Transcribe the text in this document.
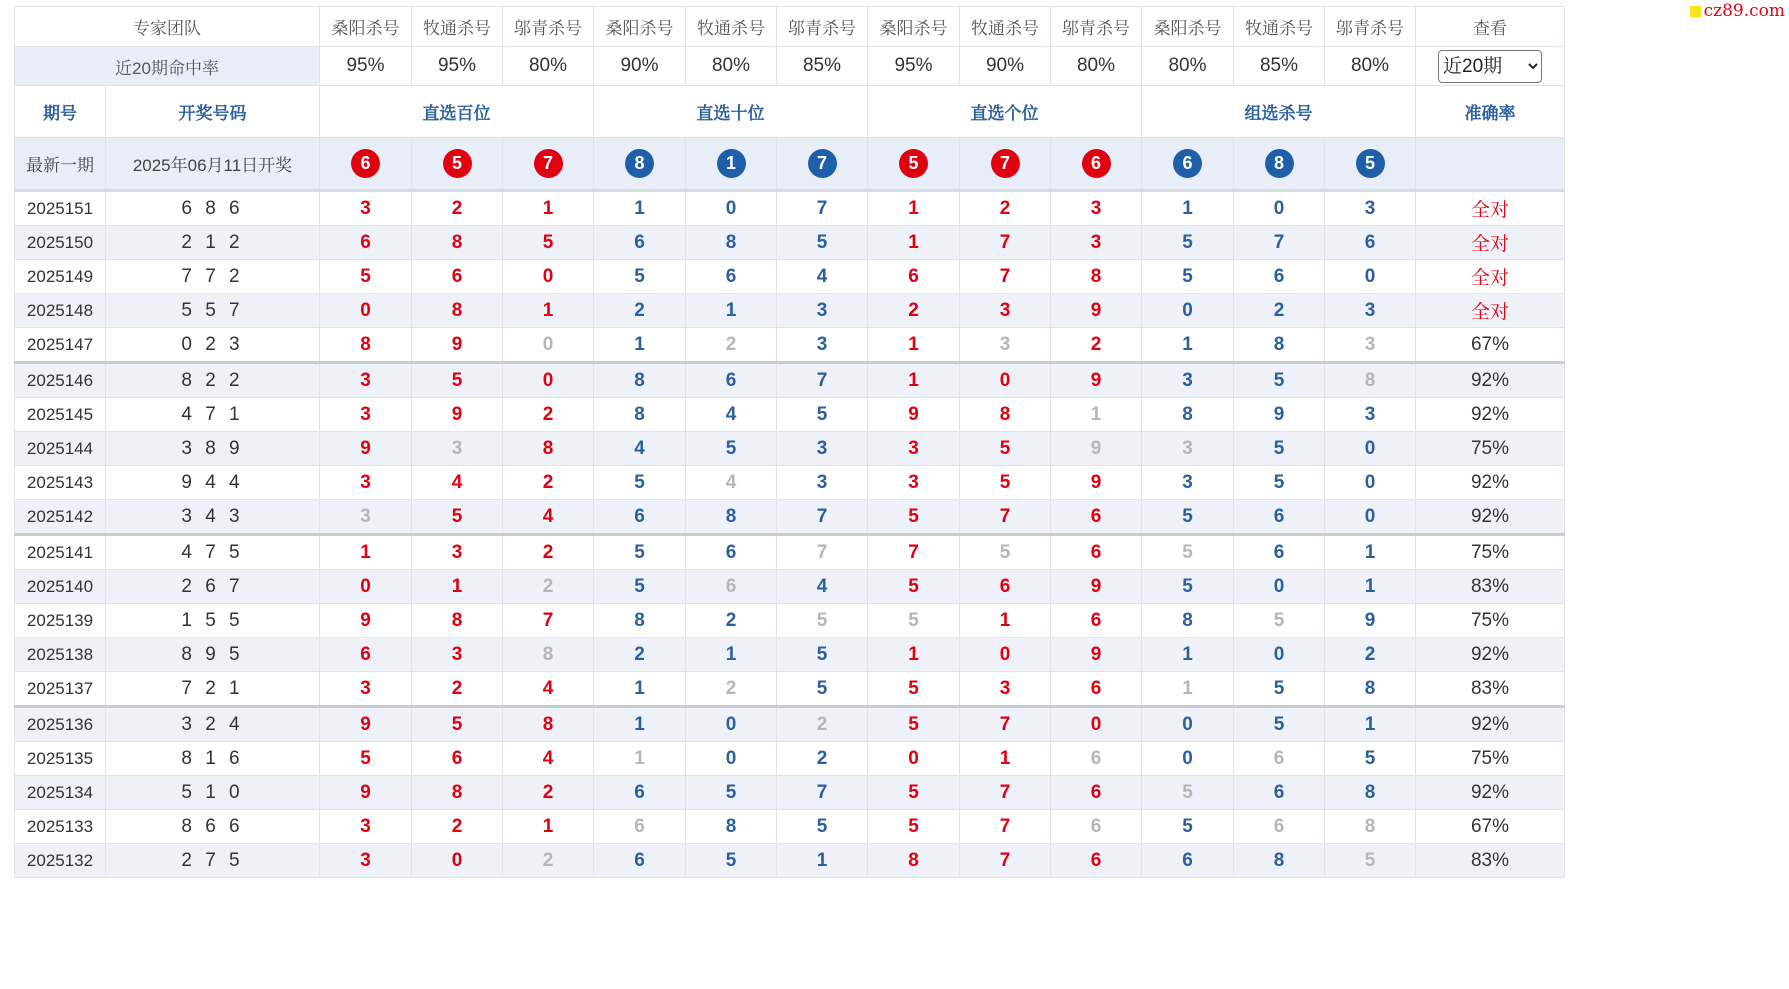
专家团队		桑阳杀号	牧通杀号	邬青杀号	桑阳杀号	牧通杀号	邬青杀号	桑阳杀号	牧通杀号	邬青杀号	桑阳杀号	牧通杀号	邬青杀号	查看
近20期命中率		95%	95%	80%	90%	80%	85%	95%	90%	80%	80%	85%	80%	
近20期
期号	开奖号码	直选百位			直选十位			直选个位			组选杀号			准确率
最新一期	2025年06月11日开奖	6	5	7	8	1	7	5	7	6	6	8	5	
2025151	6 8 6	3	2	1	1	0	7	1	2	3	1	0	3	全对
2025150	2 1 2	6	8	5	6	8	5	1	7	3	5	7	6	全对
2025149	7 7 2	5	6	0	5	6	4	6	7	8	5	6	0	全对
2025148	5 5 7	0	8	1	2	1	3	2	3	9	0	2	3	全对
2025147	0 2 3	8	9	0	1	2	3	1	3	2	1	8	3	67%
2025146	8 2 2	3	5	0	8	6	7	1	0	9	3	5	8	92%
2025145	4 7 1	3	9	2	8	4	5	9	8	1	8	9	3	92%
2025144	3 8 9	9	3	8	4	5	3	3	5	9	3	5	0	75%
2025143	9 4 4	3	4	2	5	4	3	3	5	9	3	5	0	92%
2025142	3 4 3	3	5	4	6	8	7	5	7	6	5	6	0	92%
2025141	4 7 5	1	3	2	5	6	7	7	5	6	5	6	1	75%
2025140	2 6 7	0	1	2	5	6	4	5	6	9	5	0	1	83%
2025139	1 5 5	9	8	7	8	2	5	5	1	6	8	5	9	75%
2025138	8 9 5	6	3	8	2	1	5	1	0	9	1	0	2	92%
2025137	7 2 1	3	2	4	1	2	5	5	3	6	1	5	8	83%
2025136	3 2 4	9	5	8	1	0	2	5	7	0	0	5	1	92%
2025135	8 1 6	5	6	4	1	0	2	0	1	6	0	6	5	75%
2025134	5 1 0	9	8	2	6	5	7	5	7	6	5	6	8	92%
2025133	8 6 6	3	2	1	6	8	5	5	7	6	5	6	8	67%
2025132	2 7 5	3	0	2	6	5	1	8	7	6	6	8	5	83%
cz89.com
